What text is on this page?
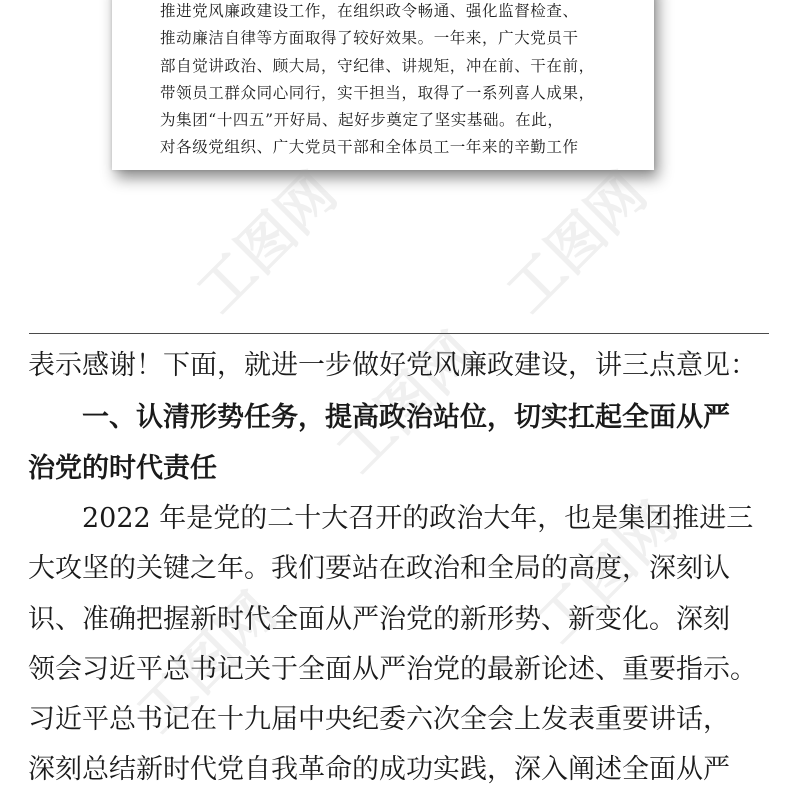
推进党风廉政建设工作，在组织政令畅通、强化监督检查、
推动廉洁自律等方面取得了较好效果。一年来，广大党员干
部自觉讲政治、顾大局，守纪律、讲规矩，冲在前、干在前，
带领员工群众同心同行，实干担当，取得了一系列喜人成果，
为集团“十四五”开好局、起好步奠定了坚实基础。在此，
对各级党组织、广大党员干部和全体员工一年来的辛勤工作
工图网	工图网
工图网
工图网
工图网
表示感谢！下面，就进一步做好党风廉政建设，讲三点意见：
一、认清形势任务，提高政治站位，切实扛起全面从严
治党的时代责任
2022 年是党的二十大召开的政治大年，也是集团推进三
大攻坚的关键之年。我们要站在政治和全局的高度，深刻认
识、准确把握新时代全面从严治党的新形势、新变化。深刻
领会习近平总书记关于全面从严治党的最新论述、重要指示。
习近平总书记在十九届中央纪委六次全会上发表重要讲话，
深刻总结新时代党自我革命的成功实践，深入阐述全面从严
